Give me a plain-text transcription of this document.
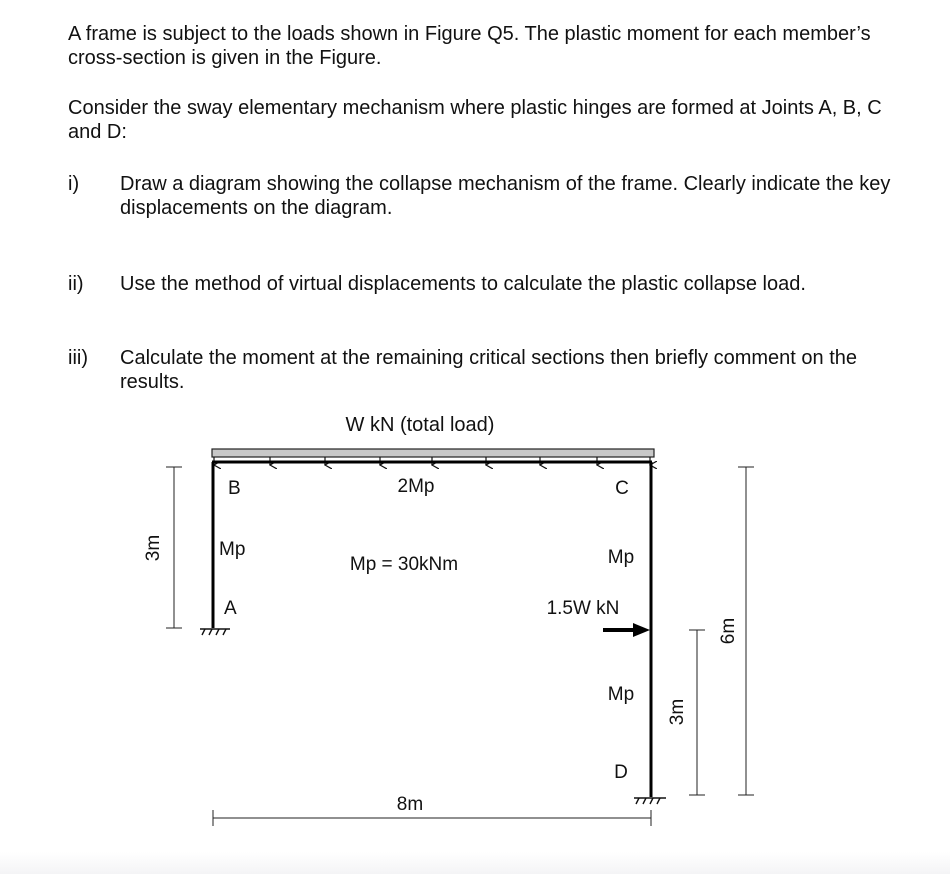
A frame is subject to the loads shown in Figure Q5. The plastic moment for each member’s cross-section is given in the Figure.

Consider the sway elementary mechanism where plastic hinges are formed at Joints A, B, C and D:

i) Draw a diagram showing the collapse mechanism of the frame. Clearly indicate the key displacements on the diagram.

ii) Use the method of virtual displacements to calculate the plastic collapse load.

iii) Calculate the moment at the remaining critical sections then briefly comment on the results.

W kN (total load)
B	2Mp	C
Mp
Mp = 30kNm	Mp
A	1.5W kN
Mp
D
8m
3m
3m
6m
